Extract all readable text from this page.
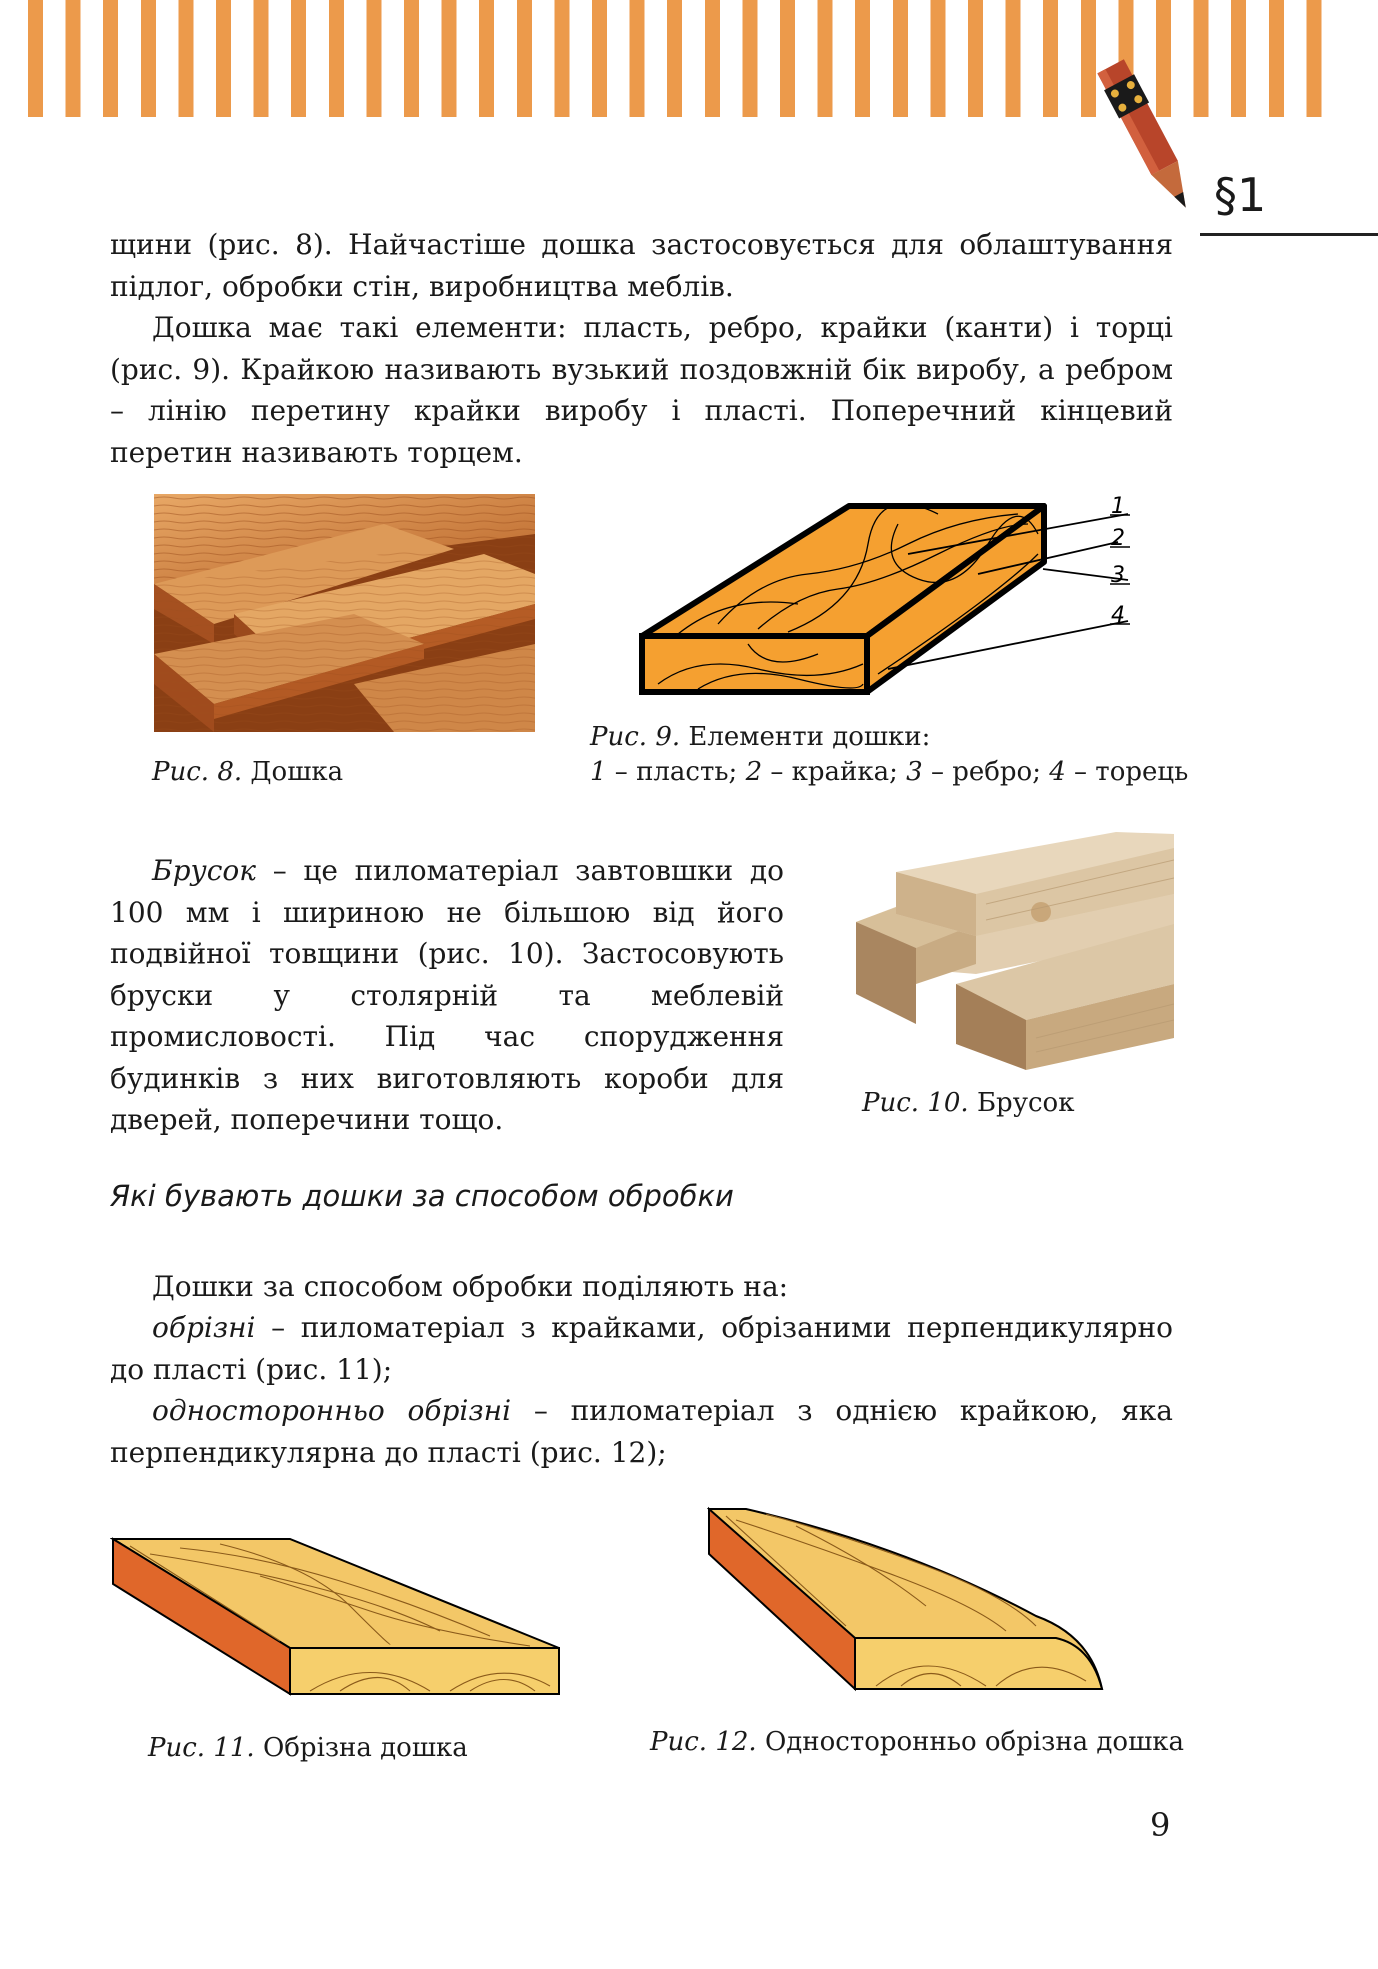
§1

щини (рис. 8). Найчастіше дошка застосовується для облаштування підлог, обробки стін, виробництва меблів.

Дошка має такі елементи: пласть, ребро, крайки (канти) і торці (рис. 9). Крайкою називають вузький поздовжній бік виробу, а ребром – лінію перетину крайки виробу і пласті. Поперечний кінцевий перетин називають торцем.

1
2
3
4
Рис. 8. Дошка
Рис. 9. Елементи дошки:
1 – пласть; 2 – крайка; 3 – ребро; 4 – торець

Брусок – це пиломатеріал завтовшки до 100 мм і шириною не більшою від його подвійної товщини (рис. 10). Застосовують бруски у столярній та меблевій промисловості. Під час спорудження будинків з них виготовляють короби для дверей, поперечини тощо.	Рис. 10. Брусок
Які бувають дошки за способом обробки

Дошки за способом обробки поділяють на:

обрізні – пиломатеріал з крайками, обрізаними перпендикулярно до пласті (рис. 11);

односторонньо обрізні – пиломатеріал з однією крайкою, яка перпендикулярна до пласті (рис. 12);

Рис. 11. Обрізна дошка	Рис. 12. Односторонньо обрізна дошка
9
